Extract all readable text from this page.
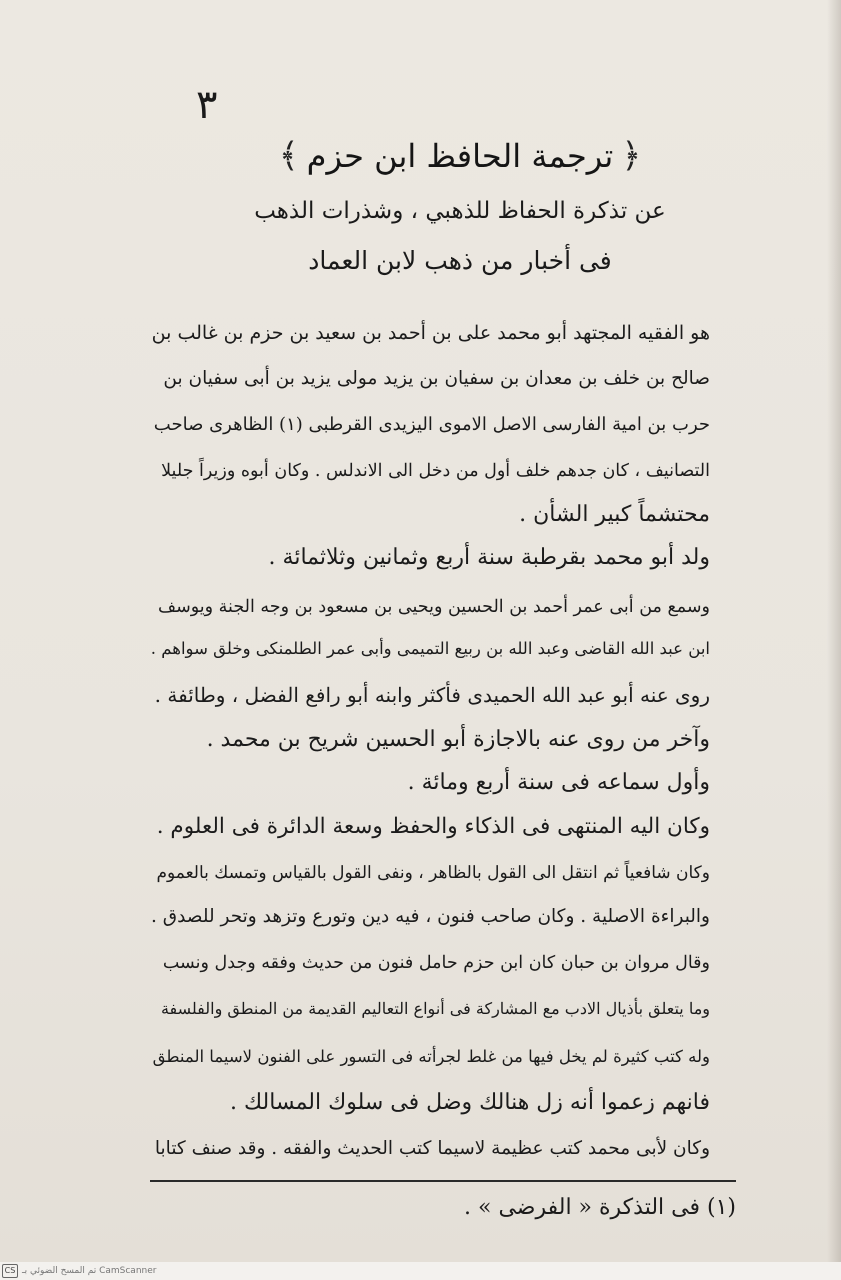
٣
﴿
ترجمة الحافظ ابن حزم
﴾
عن تذكرة الحفاظ للذهبي ، وشذرات الذهب
فى أخبار من ذهب لابن العماد
هو الفقيه المجتهد أبو محمد على بن أحمد بن سعيد بن حزم بن غالب بن
صالح بن خلف بن معدان بن سفيان بن يزيد مولى يزيد بن أبى سفيان بن
حرب بن امية الفارسى الاصل الاموى اليزيدى القرطبى (١) الظاهرى صاحب
التصانيف ، كان جدهم خلف أول من دخل الى الاندلس . وكان أبوه وزيراً جليلا
محتشماً كبير الشأن .
ولد أبو محمد بقرطبة سنة أربع وثمانين وثلاثمائة .
وسمع من أبى عمر أحمد بن الحسين ويحيى بن مسعود بن وجه الجنة ويوسف
ابن عبد الله القاضى وعبد الله بن ربيع التميمى وأبى عمر الطلمنكى وخلق سواهم .
روى عنه أبو عبد الله الحميدى فأكثر وابنه أبو رافع الفضل ، وطائفة .
وآخر من روى عنه بالاجازة أبو الحسين شريح بن محمد .
وأول سماعه فى سنة أربع ومائة .
وكان اليه المنتهى فى الذكاء والحفظ وسعة الدائرة فى العلوم .
وكان شافعياً ثم انتقل الى القول بالظاهر ، ونفى القول بالقياس وتمسك بالعموم
والبراءة الاصلية . وكان صاحب فنون ، فيه دين وتورع وتزهد وتحر للصدق .
وقال مروان بن حبان كان ابن حزم حامل فنون من حديث وفقه وجدل ونسب
وما يتعلق بأذيال الادب مع المشاركة فى أنواع التعاليم القديمة من المنطق والفلسفة
وله كتب كثيرة لم يخل فيها من غلط لجرأته فى التسور على الفنون لاسيما المنطق
فانهم زعموا أنه زل هنالك وضل فى سلوك المسالك .
وكان لأبى محمد كتب عظيمة لاسيما كتب الحديث والفقه . وقد صنف كتابا
(١) فى التذكرة « الفرضى » .
CS تم المسح الضوئي بـ CamScanner
